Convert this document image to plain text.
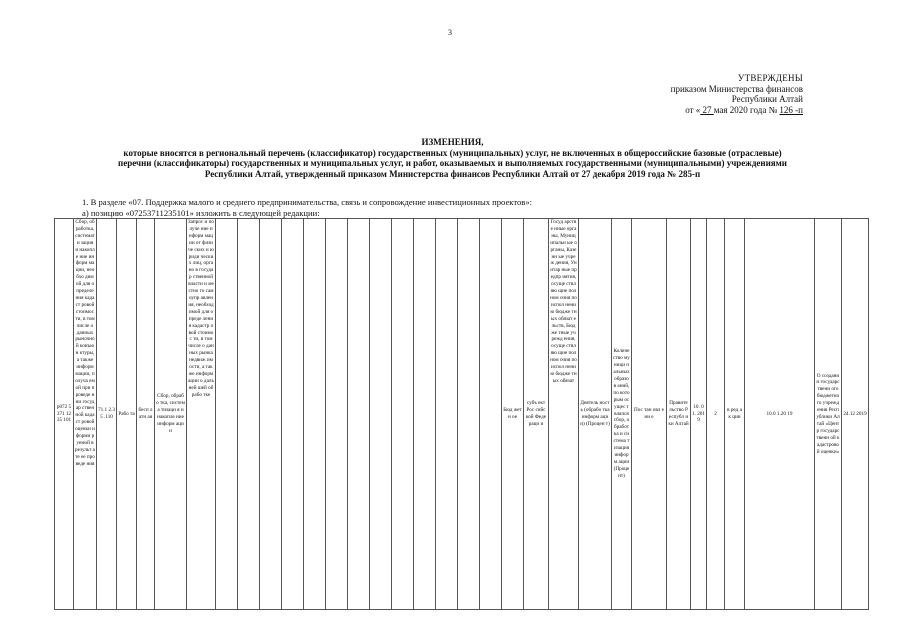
3
УТВЕРЖДЕНЫ
приказом Министерства финансов
Республики Алтай
от « 27 мая 2020 года № 126 -п
ИЗМЕНЕНИЯ,
которые вносятся в региональный перечень (классификатор) государственных (муниципальных) услуг, не включенных в общероссийские базовые (отраслевые)
перечни (классификаторы) государственных и муниципальных услуг, и работ, оказываемых и выполняемых государственными (муниципальными) учреждениями
Республики Алтай, утвержденный приказом Министерства финансов Республики Алтай от 27 декабря 2019 года № 285-п
1. В разделе «07. Поддержка малого и среднего предпринимательства, связь и сопровождение инвестиционных проектов»:
а) позицию «07253711235101» изложить в следующей редакции:
р072 5371 1235 101	Сбор, обработка, системати зация и накопле ние информ мации, необхо димой для определе ния кадаст ровой стоимос ти, в том числе о данных рыночной конъюн ктуры, а также информ мации, получа емой при проведе нии государ ственной кадаст ровой оценки и форми руемой в результ ате ее проведе ния	71.1 2.35 .110	Рабо та	бесп латн ая	Сбор, обрабо тка, система тизаци я и накопле ние информ ации	Запрос и получе ние информ мации от физиче ских и юриди ческих лиц, органо в государ ственной власти и местно го самоупр авления, необход имой для опреде ления кадастр овой стоимос ти, в том числе о данных рынка недвиж имости, а также информ ации о дальней шей обрабо тке														Бюд жетн ое	субъ ект Рос сийс кой Феде раци и	Госуд арстве нные органы, Муниц ипальн ые органы, Казенн ые учреж дения, Унитар ные предпр иятия, осуще ствляю щие полном очия по испол нению бюдже тных обязат ельств, Бюдже тные учрежд ения, осуще ствляю щие полном очия по испол нению бюдже тных обязат	Деятель ность (обрабо тка информ ации) (Процен т)	Количе ство муници пальных образов аний, по которым осущес твлялся сбор, обработ ка и система тизация информ ации (Проце нт)	Пос тан овл ени е	Правите льство Республ ики Алтай	10. 01. 201 9	2	в ред ак ции	10.0 1.20 19	О создании государственн ого бюджетного учреждения Республики Алтай «Центр государственн ой кадастровой оценки»	24.12 2019	
